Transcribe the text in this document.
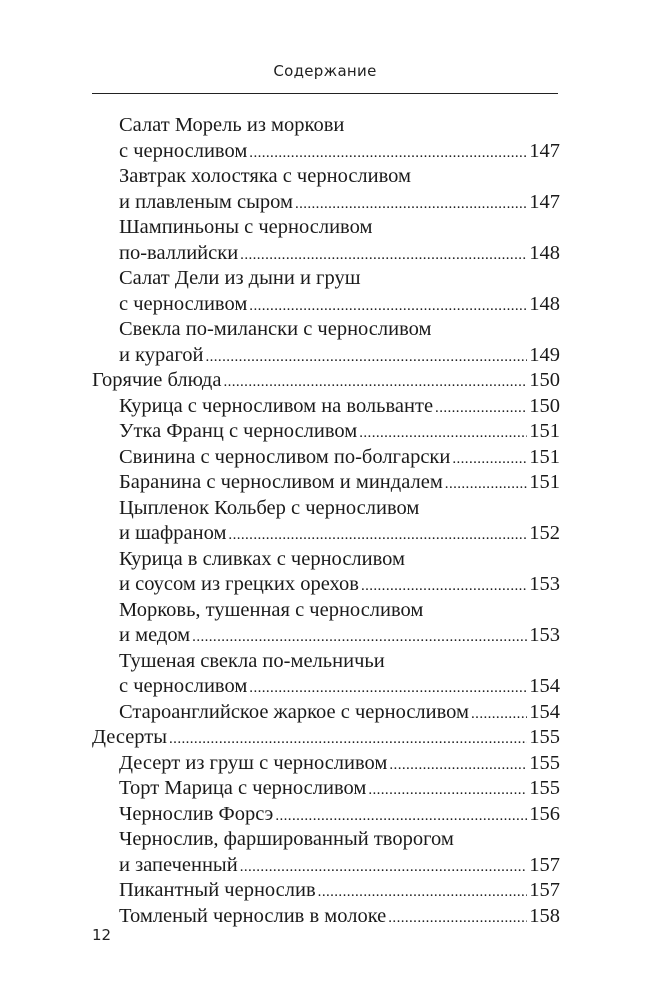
Содержание
Салат Морель из моркови
с черносливом .....	147
Завтрак холостяка с черносливом
и плавленым сыром .....	147
Шампиньоны с черносливом
по-валлийски .....	148
Салат Дели из дыни и груш
с черносливом .....	148
Свекла по-милански с черносливом
и курагой .....	149
Горячие блюда .....	150
Курица с черносливом на вольванте .....	150
Утка Франц с черносливом .....	151
Свинина с черносливом по-болгарски .....	151
Баранина с черносливом и миндалем .....	151
Цыпленок Кольбер с черносливом
и шафраном .....	152
Курица в сливках с черносливом
и соусом из грецких орехов .....	153
Морковь, тушенная с черносливом
и медом .....	153
Тушеная свекла по-мельничьи
с черносливом .....	154
Староанглийское жаркое с черносливом .....	154
Десерты .....	155
Десерт из груш с черносливом .....	155
Торт Марица с черносливом .....	155
Чернослив Форсэ .....	156
Чернослив, фаршированный творогом
и запеченный .....	157
Пикантный чернослив .....	157
Томленый чернослив в молоке .....	158
12
